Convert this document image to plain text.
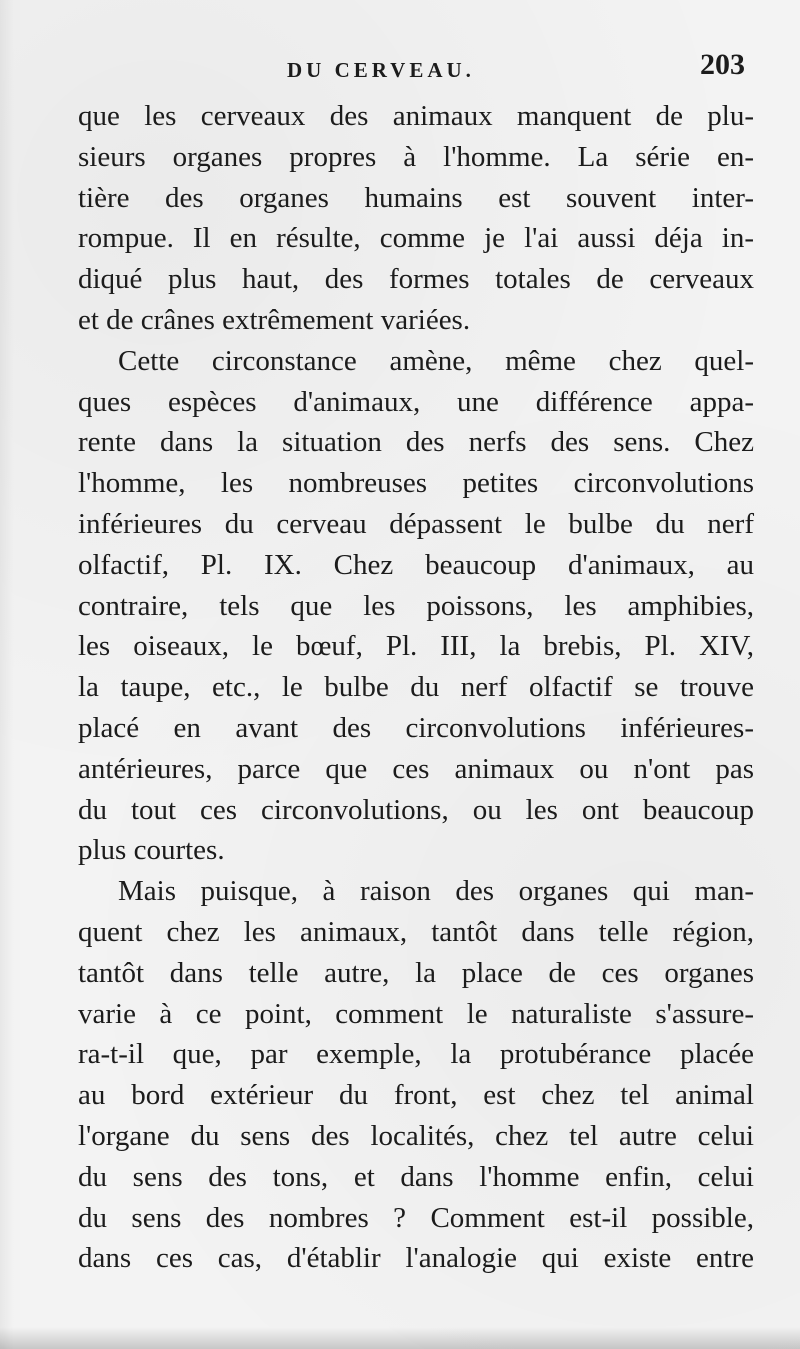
DU CERVEAU.	203
que les cerveaux des animaux manquent de plu-
sieurs organes propres à l'homme. La série en-
tière des organes humains est souvent inter-
rompue. Il en résulte, comme je l'ai aussi déja in-
diqué plus haut, des formes totales de cerveaux
et de crânes extrêmement variées.
Cette circonstance amène, même chez quel-
ques espèces d'animaux, une différence appa-
rente dans la situation des nerfs des sens. Chez
l'homme, les nombreuses petites circonvolutions
inférieures du cerveau dépassent le bulbe du nerf
olfactif, Pl. IX. Chez beaucoup d'animaux, au
contraire, tels que les poissons, les amphibies,
les oiseaux, le bœuf, Pl. III, la brebis, Pl. XIV,
la taupe, etc., le bulbe du nerf olfactif se trouve
placé en avant des circonvolutions inférieures-
antérieures, parce que ces animaux ou n'ont pas
du tout ces circonvolutions, ou les ont beaucoup
plus courtes.
Mais puisque, à raison des organes qui man-
quent chez les animaux, tantôt dans telle région,
tantôt dans telle autre, la place de ces organes
varie à ce point, comment le naturaliste s'assure-
ra-t-il que, par exemple, la protubérance placée
au bord extérieur du front, est chez tel animal
l'organe du sens des localités, chez tel autre celui
du sens des tons, et dans l'homme enfin, celui
du sens des nombres ? Comment est-il possible,
dans ces cas, d'établir l'analogie qui existe entre
